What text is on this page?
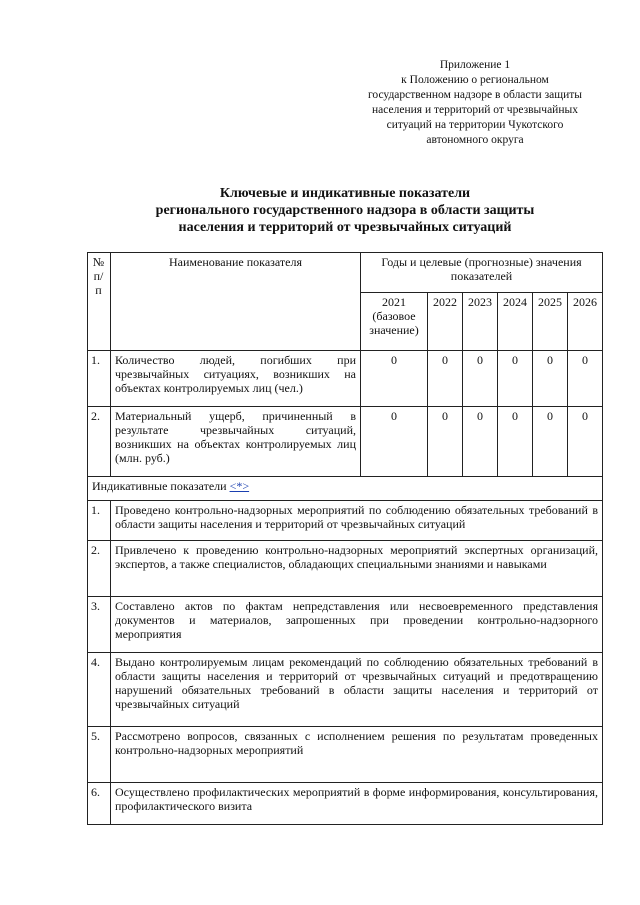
Приложение 1
к Положению о региональном
государственном надзоре в области защиты
населения и территорий от чрезвычайных
ситуаций на территории Чукотского
автономного округа
Ключевые и индикативные показатели
регионального государственного надзора в области защиты
населения и территорий от чрезвычайных ситуаций
№ п/п	Наименование показателя	Годы и целевые (прогнозные) значения показателей					
		2021 (базовое значение)	2022	2023	2024	2025	2026
1.	Количество людей, погибших при чрезвычайных ситуациях, возникших на объектах контролируемых лиц (чел.)	0	0	0	0	0	0
2.	Материальный ущерб, причиненный в результате чрезвычайных ситуаций, возникших на объектах контролируемых лиц (млн. руб.)	0	0	0	0	0	0
Индикативные показатели <*>							
1.	Проведено контрольно-надзорных мероприятий по соблюдению обязательных требований в области защиты населения и территорий от чрезвычайных ситуаций						
2.	Привлечено к проведению контрольно-надзорных мероприятий экспертных организаций, экспертов, а также специалистов, обладающих специальными знаниями и навыками						
3.	Составлено актов по фактам непредставления или несвоевременного представления документов и материалов, запрошенных при проведении контрольно-надзорного мероприятия						
4.	Выдано контролируемым лицам рекомендаций по соблюдению обязательных требований в области защиты населения и территорий от чрезвычайных ситуаций и предотвращению нарушений обязательных требований в области защиты населения и территорий от чрезвычайных ситуаций						
5.	Рассмотрено вопросов, связанных с исполнением решения по результатам проведенных контрольно-надзорных мероприятий						
6.	Осуществлено профилактических мероприятий в форме информирования, консультирования, профилактического визита						
